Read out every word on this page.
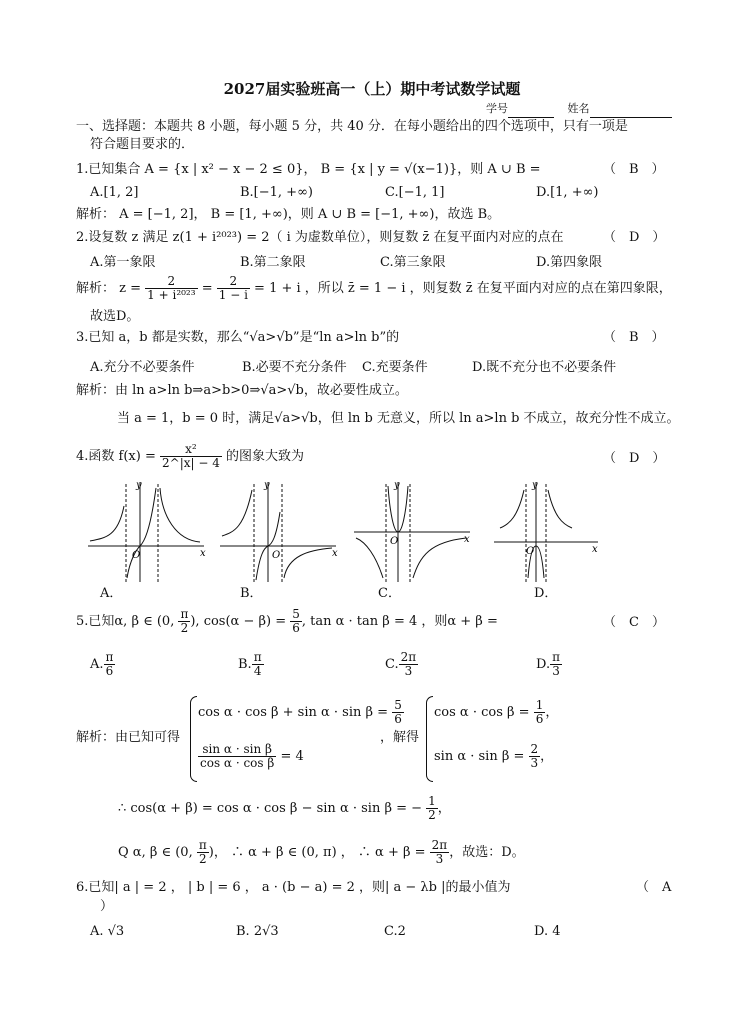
2027届实验班高一（上）期中考试数学试题
学号	姓名
一、选择题：本题共 8 小题，每小题 5 分，共 40 分．在每小题给出的四个选项中，只有一项是
符合题目要求的．
1.已知集合 A = {x | x² − x − 2 ≤ 0}， B = {x | y = √(x−1)}，则 A ∪ B =	（　B　）
A.[1, 2]	B.[−1, +∞)	C.[−1, 1]	D.[1, +∞)
解析： A = [−1, 2]， B = [1, +∞)，则 A ∪ B = [−1, +∞)，故选 B。
2.设复数 z 满足 z(1 + i²⁰²³) = 2（ i 为虚数单位），则复数 z̄ 在复平面内对应的点在	（　D　）
A.第一象限	B.第二象限	C.第三象限	D.第四象限
解析： $z = \frac{2}{\text{1 + i²⁰²³}} = \frac{2}{1 - i} = 1 + i$ ，所以 z̄ = 1 − i ，则复数 z̄ 在复平面内对应的点在第四象限，
故选D。
3.已知 a，b 都是实数，那么“√a>√b”是“ln a>ln b”的	（　B　）
A.充分不必要条件	B.必要不充分条件 C.充要条件	D.既不充分也不必要条件
解析：由 ln a>ln b⇒a>b>0⇒√a>√b，故必要性成立。
当 a = 1，b = 0 时，满足√a>√b，但 ln b 无意义，所以 ln a>ln b 不成立，故充分性不成立。
4.函数 $f(x) = \frac{\text{x²}}{2\^{}|x| - 4}$ 的图象大致为	（　D　）
y
x
O
A．
y
x
O
B．
y
x
O
C．
y
x
O
D．
5.已知α, β ∈ (0, $\frac{\pi}{2}$ ), $\cos(\alpha - \beta) = \frac{5}{6}$ , tan α · tan β = 4 ，则α + β =	（　C　）
A. $\frac{\pi}{6}$	B. $\frac{\pi}{4}$	C. $\frac{2\pi}{3}$	D. $\frac{\pi}{3}$
解析：由已知可得
$\cos \alpha \cdot \cos \beta + \sin \alpha \cdot \sin \beta = \frac{5}{6}$
$\frac{\text{sin α · sin β}}{\text{cos α · cos β}} = 4$
，解得
$\cos \alpha \cdot \cos \beta = \frac{1}{6}$ ，
$\sin \alpha \cdot \sin \beta = \frac{2}{3}$ ，
∴ cos(α + β) = cos α · cos β − sin α · sin β = − $\frac{1}{2}$ ，
Q α, β ∈ (0, $\frac{\pi}{2}$ )， ∴ α + β ∈ (0, π) ， ∴ $\alpha + \beta = \frac{2\pi}{3}$ ，故选：D。
6.已知| a | = 2 ， | b | = 6 ， a · (b − a) = 2 ，则| a − λb |的最小值为	（　A
）
A. √3	B. 2√3	C.2	D. 4
